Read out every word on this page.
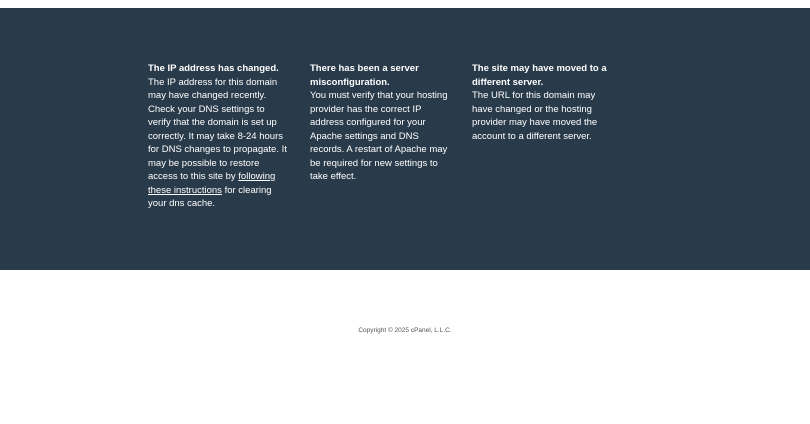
The IP address has changed.
The IP address for this domain may have changed recently. Check your DNS settings to verify that the domain is set up correctly. It may take 8-24 hours for DNS changes to propagate. It may be possible to restore access to this site by following these instructions for clearing your dns cache.
There has been a server misconfiguration.
You must verify that your hosting provider has the correct IP address configured for your Apache settings and DNS records. A restart of Apache may be required for new settings to take effect.
The site may have moved to a different server.
The URL for this domain may have changed or the hosting provider may have moved the account to a different server.
Copyright © 2025 cPanel, L.L.C.
